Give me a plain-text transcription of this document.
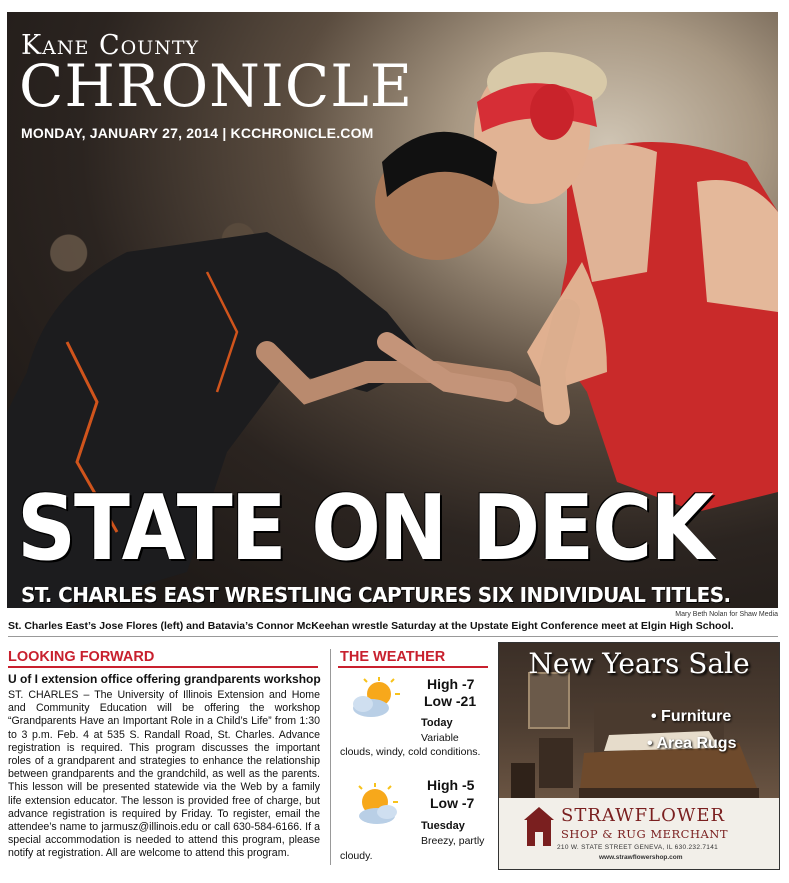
Kane County
CHRONICLE
MONDAY, JANUARY 27, 2014 | KCCHRONICLE.COM
STATE ON DECK
ST. CHARLES EAST WRESTLING CAPTURES SIX INDIVIDUAL TITLES.
Mary Beth Nolan for Shaw Media
St. Charles East’s Jose Flores (left) and Batavia’s Connor McKeehan wrestle Saturday at the Upstate Eight Conference meet at Elgin High School.
LOOKING FORWARD
U of I extension office offering grandparents workshop
ST. CHARLES – The University of Illinois Extension and Home and Community Education will be offering the workshop “Grandparents Have an Important Role in a Child’s Life” from 1:30 to 3 p.m. Feb. 4 at 535 S. Randall Road, St. Charles. Advance registration is required. This program discusses the important roles of a grandparent and strategies to enhance the relationship between grandparents and the grandchild, as well as the parents. This lesson will be presented statewide via the Web by a family life extension educator. The lesson is provided free of charge, but advance registration is required by Friday. To register, email the attendee’s name to jarmusz@illinois.edu or call 630-584-6166. If a special accommodation is needed to attend this program, please notify at registration. All are welcome to attend this program.
THE WEATHER
High -7
Low -21
Today
Variable
clouds, windy, cold conditions.
High -5
Low -7
Tuesday
Breezy, partly
cloudy.
New Years Sale
• Furniture
• Area Rugs
STRAWFLOWER
SHOP & RUG MERCHANT
210 W. STATE STREET GENEVA, IL 630.232.7141
www.strawflowershop.com
